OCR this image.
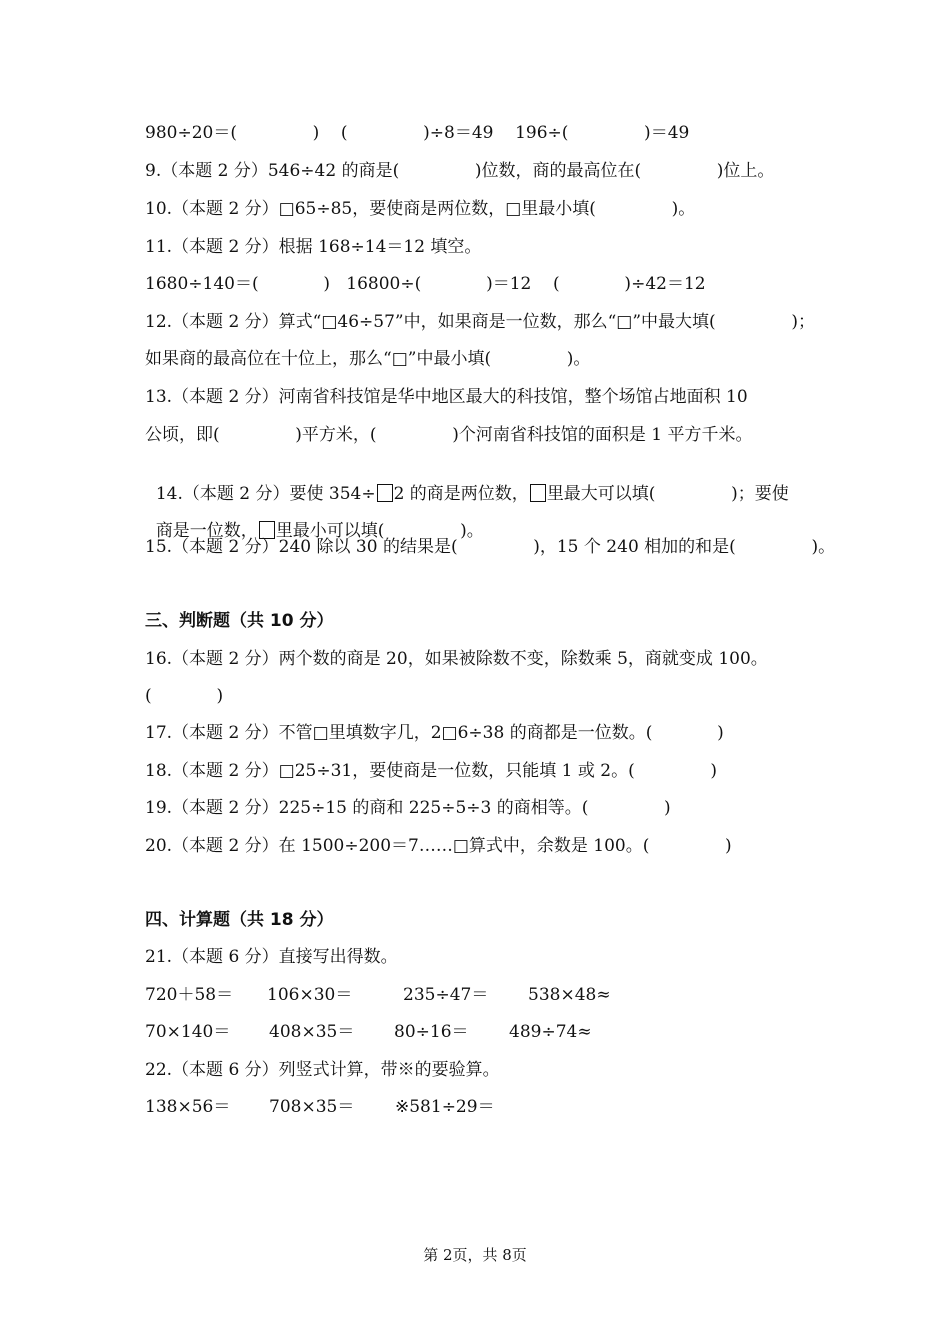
980÷20＝(              )    (              )÷8＝49    196÷(              )＝49
9.（本题 2 分）546÷42 的商是(              )位数，商的最高位在(              )位上。
10.（本题 2 分）□65÷85，要使商是两位数，□里最小填(              )。
11.（本题 2 分）根据 168÷14＝12 填空。
1680÷140＝(            )   16800÷(            )＝12    (            )÷42＝12
12.（本题 2 分）算式“□46÷57”中，如果商是一位数，那么“□”中最大填(              )；
如果商的最高位在十位上，那么“□”中最小填(              )。
13.（本题 2 分）河南省科技馆是华中地区最大的科技馆，整个场馆占地面积 10
公顷，即(              )平方米，(              )个河南省科技馆的面积是 1 平方千米。

14.（本题 2 分）要使 354÷ 2 的商是两位数， 里最大可以填(              )；要使

商是一位数， 里最小可以填(              )。

15.（本题 2 分）240 除以 30 的结果是(              )，15 个 240 相加的和是(              )。
三、判断题（共 10 分）
16.（本题 2 分）两个数的商是 20，如果被除数不变，除数乘 5，商就变成 100。
(            )
17.（本题 2 分）不管□里填数字几，2□6÷38 的商都是一位数。(            )
18.（本题 2 分）□25÷31，要使商是一位数，只能填 1 或 2。(              )
19.（本题 2 分）225÷15 的商和 225÷5÷3 的商相等。(              )
20.（本题 2 分）在 1500÷200＝7……□算式中，余数是 100。(              )
四、计算题（共 18 分）
21.（本题 6 分）直接写出得数。
720＋58＝ 106×30＝	235÷47＝ 538×48≈
70×140＝ 408×35＝ 80÷16＝ 489÷74≈
22.（本题 6 分）列竖式计算，带※的要验算。
138×56＝ 708×35＝ ※581÷29＝
第 2页，共 8页
